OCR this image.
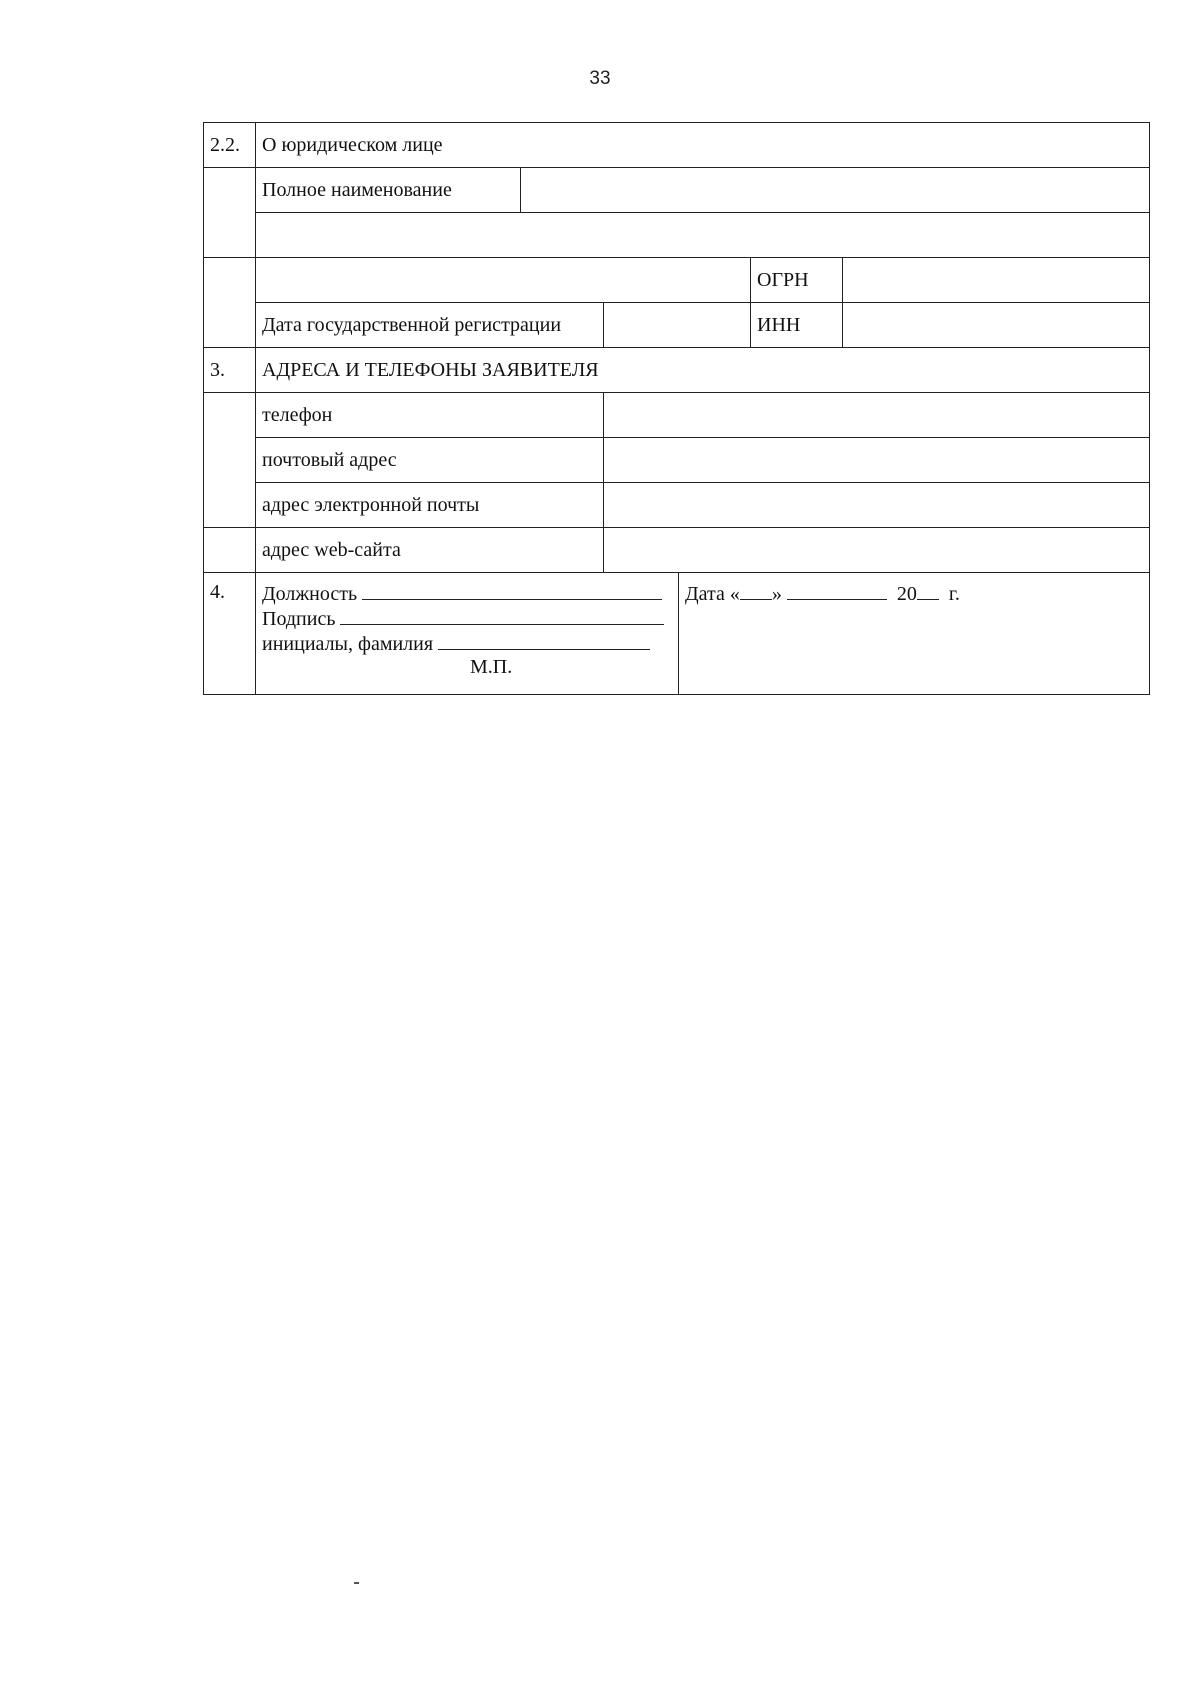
33
2.2.	О юридическом лице					
	Полное наименование					

					ОГРН	
	Дата государственной регистрации				ИНН	
3.	АДРЕСА И ТЕЛЕФОНЫ ЗАЯВИТЕЛЯ					
	телефон					
	почтовый адрес					
	адрес электронной почты					
	адрес web-сайта					
4.	Должность
Подпись
инициалы, фамилия
М.П.			Дата « » 20 г.		
